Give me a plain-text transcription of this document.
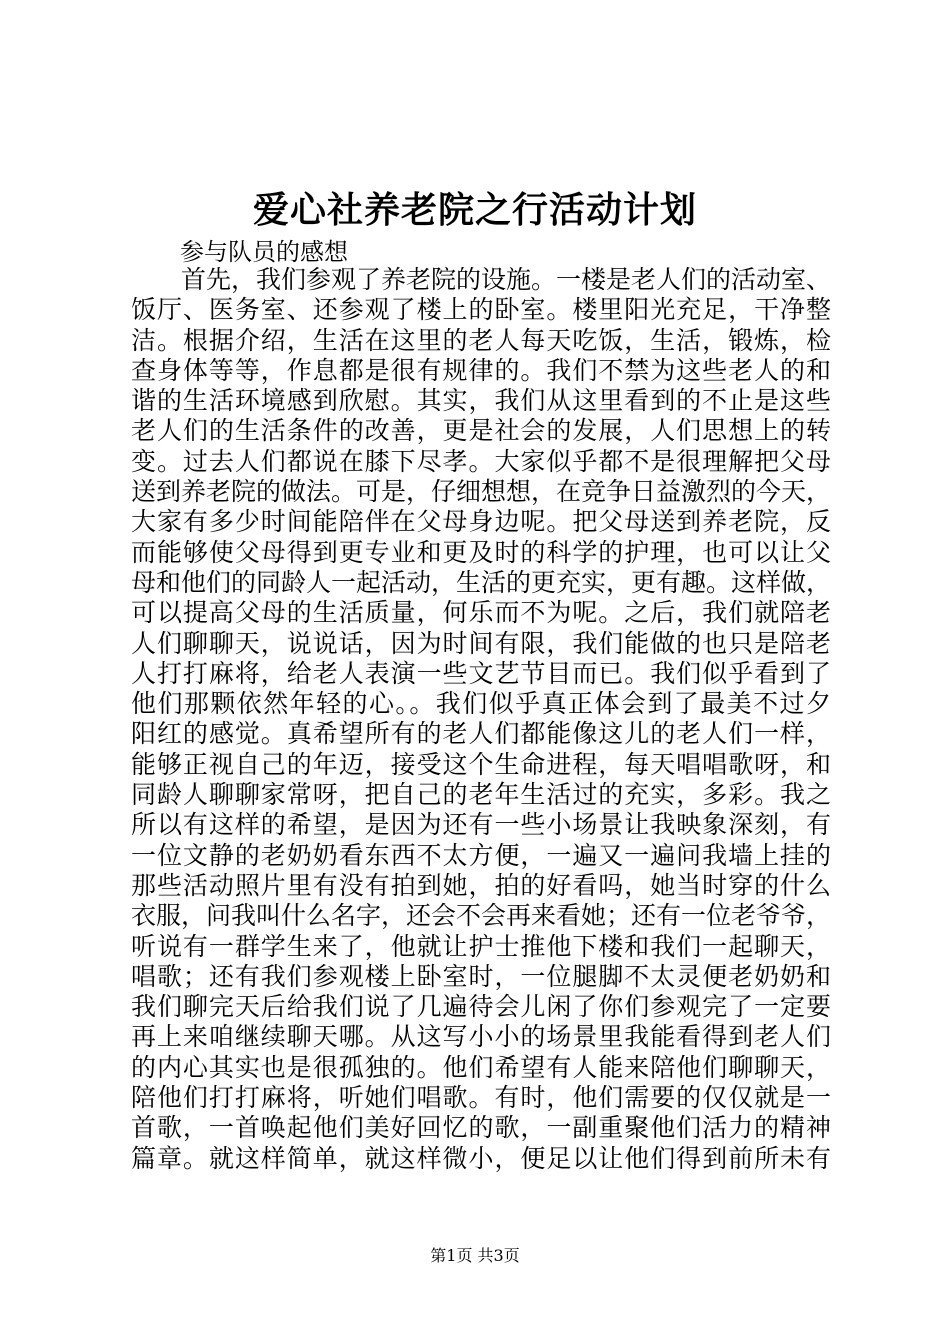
爱心社养老院之行活动计划

参与队员的感想

首先，我们参观了养老院的设施。一楼是老人们的活动室、
饭厅、医务室、还参观了楼上的卧室。楼里阳光充足，干净整
洁。根据介绍，生活在这里的老人每天吃饭，生活，锻炼，检
查身体等等，作息都是很有规律的。我们不禁为这些老人的和
谐的生活环境感到欣慰。其实，我们从这里看到的不止是这些
老人们的生活条件的改善，更是社会的发展，人们思想上的转
变。过去人们都说在膝下尽孝。大家似乎都不是很理解把父母
送到养老院的做法。可是，仔细想想，在竞争日益激烈的今天，
大家有多少时间能陪伴在父母身边呢。把父母送到养老院，反
而能够使父母得到更专业和更及时的科学的护理，也可以让父
母和他们的同龄人一起活动，生活的更充实，更有趣。这样做，
可以提高父母的生活质量，何乐而不为呢。之后，我们就陪老
人们聊聊天，说说话，因为时间有限，我们能做的也只是陪老
人打打麻将，给老人表演一些文艺节目而已。我们似乎看到了
他们那颗依然年轻的心。。我们似乎真正体会到了最美不过夕
阳红的感觉。真希望所有的老人们都能像这儿的老人们一样，
能够正视自己的年迈，接受这个生命进程，每天唱唱歌呀，和
同龄人聊聊家常呀，把自己的老年生活过的充实，多彩。我之
所以有这样的希望，是因为还有一些小场景让我映象深刻，有
一位文静的老奶奶看东西不太方便，一遍又一遍问我墙上挂的
那些活动照片里有没有拍到她，拍的好看吗，她当时穿的什么
衣服，问我叫什么名字，还会不会再来看她；还有一位老爷爷，
听说有一群学生来了，他就让护士推他下楼和我们一起聊天，
唱歌；还有我们参观楼上卧室时，一位腿脚不太灵便老奶奶和
我们聊完天后给我们说了几遍待会儿闲了你们参观完了一定要
再上来咱继续聊天哪。从这写小小的场景里我能看得到老人们
的内心其实也是很孤独的。他们希望有人能来陪他们聊聊天，
陪他们打打麻将，听她们唱歌。有时，他们需要的仅仅就是一
首歌，一首唤起他们美好回忆的歌，一副重聚他们活力的精神
篇章。就这样简单，就这样微小，便足以让他们得到前所未有
第1页 共3页
